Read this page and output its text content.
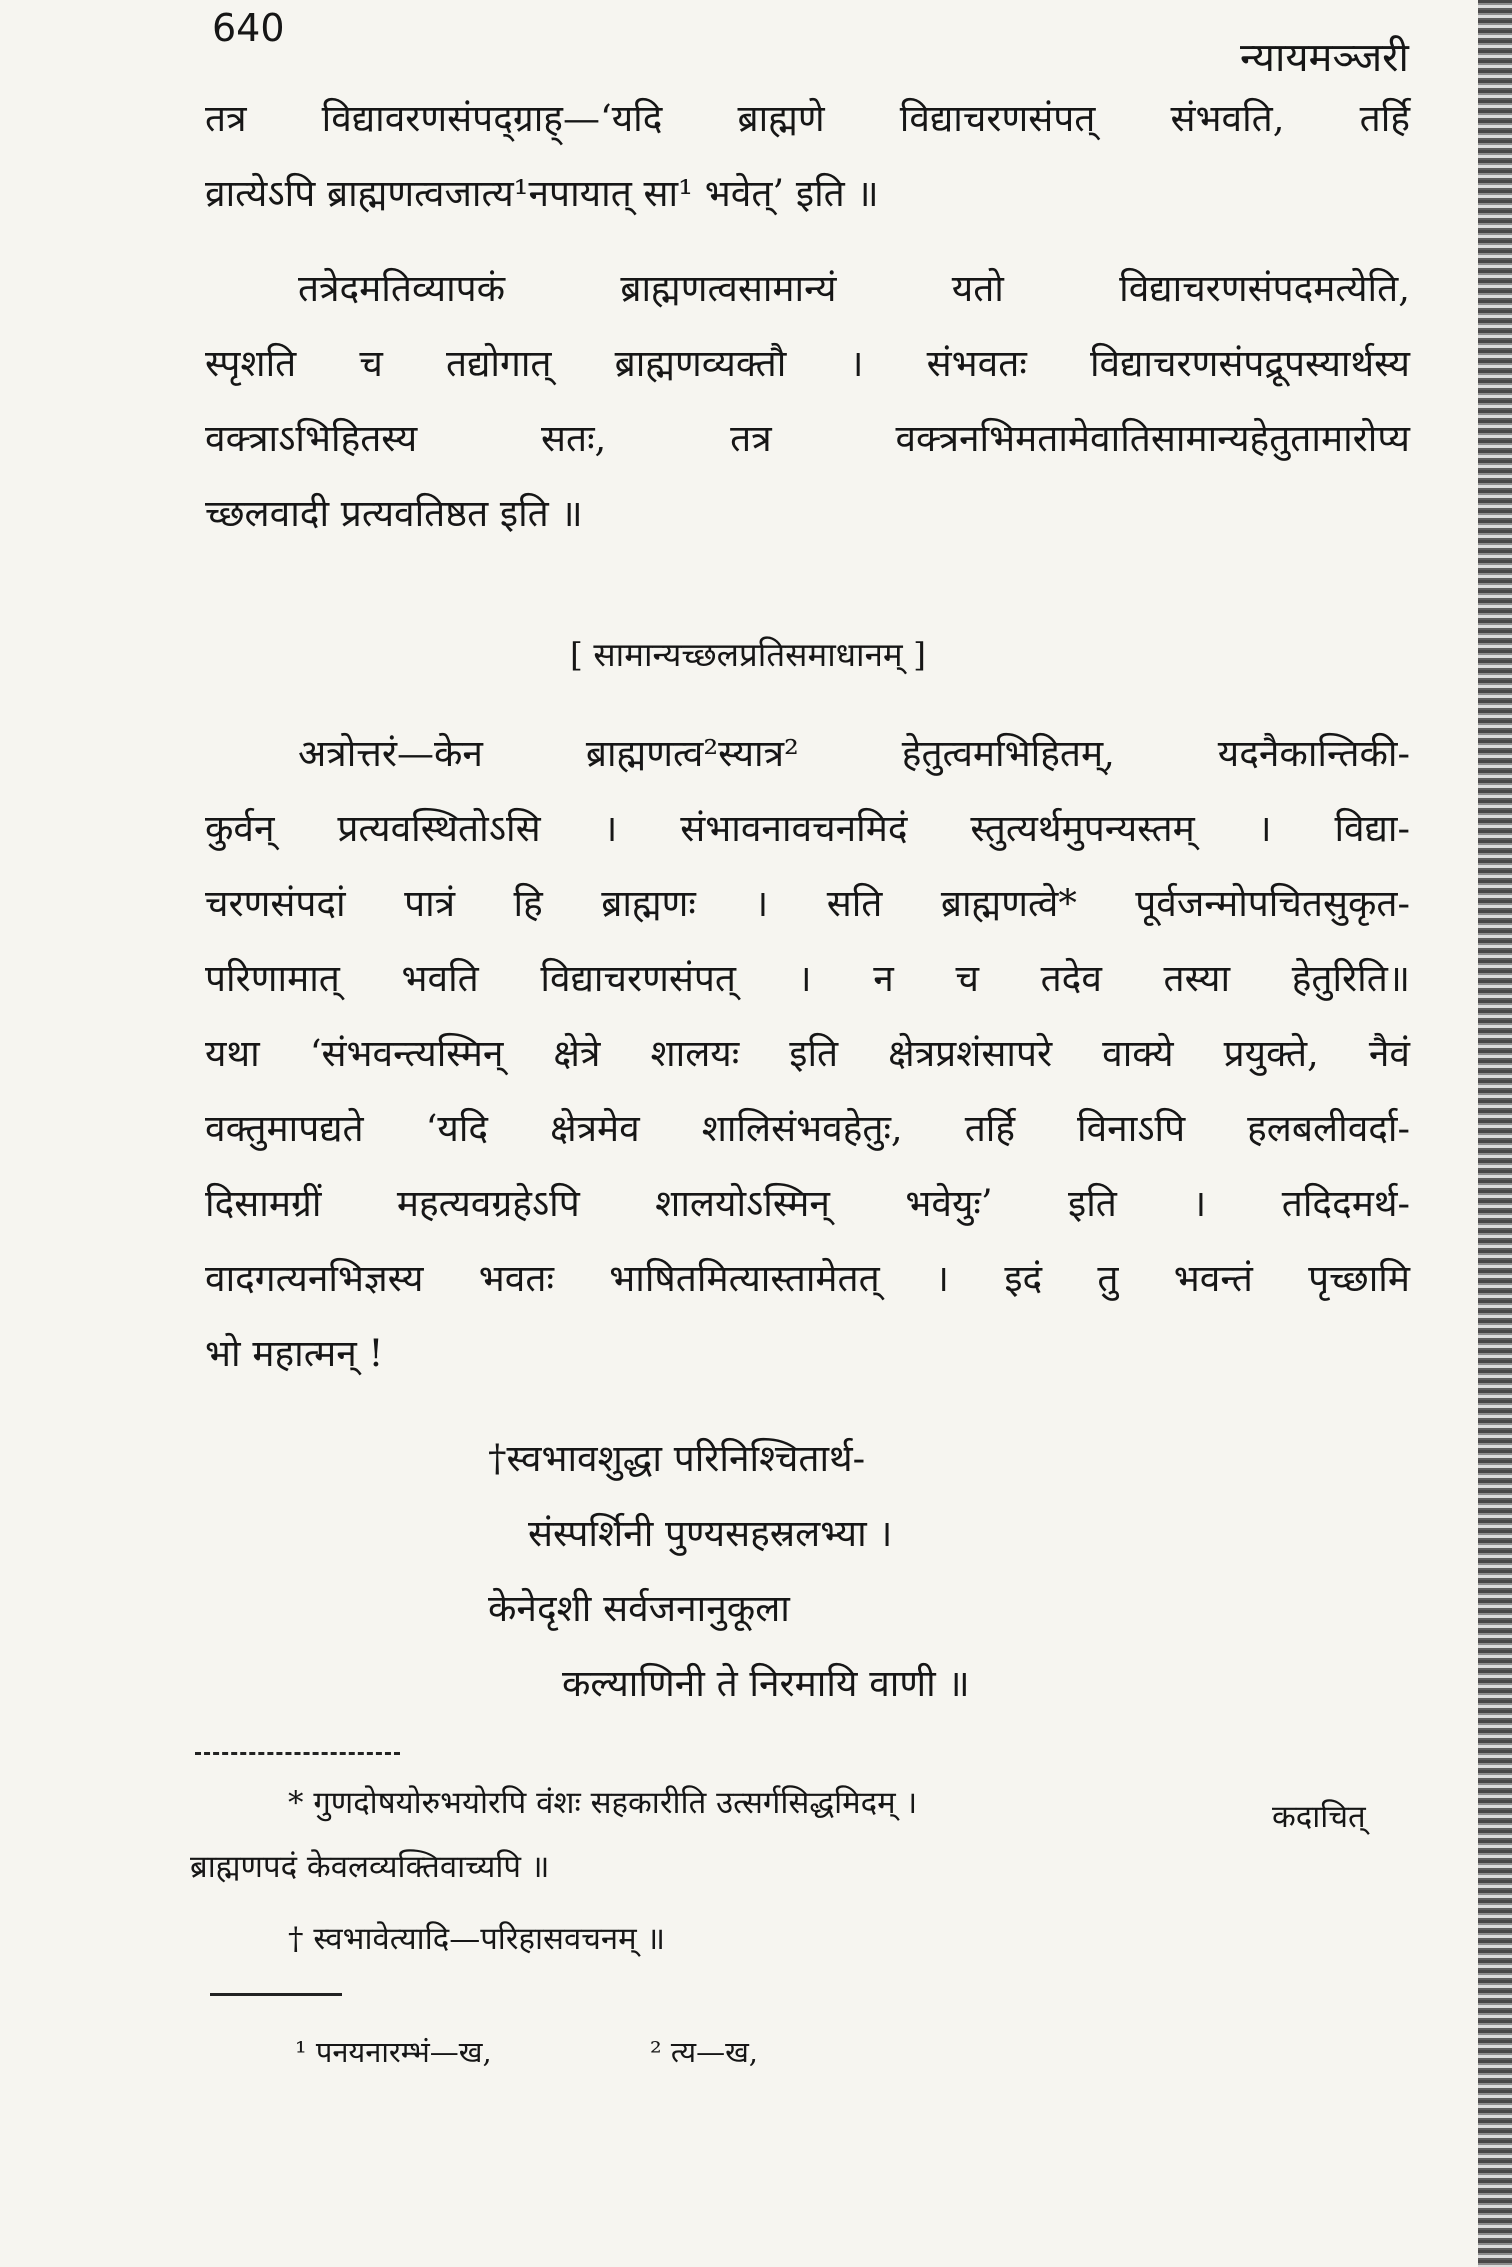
640
न्यायमञ्जरी
तत्र विद्यावरणसंपद्ग्राह्—‘यदि ब्राह्मणे विद्याचरणसंपत् संभवति, तर्हि
व्रात्येऽपि ब्राह्मणत्वजात्य¹नपायात् सा¹ भवेत्’ इति ॥
तत्रेदमतिव्यापकं ब्राह्मणत्वसामान्यं यतो विद्याचरणसंपदमत्येति,
स्पृशति च तद्योगात् ब्राह्मणव्यक्तौ । संभवतः विद्याचरणसंपद्रूपस्यार्थस्य
वक्त्राऽभिहितस्य सतः, तत्र वक्त्रनभिमतामेवातिसामान्यहेतुतामारोप्य
च्छलवादी प्रत्यवतिष्ठत इति ॥
[ सामान्यच्छलप्रतिसमाधानम् ]
अत्रोत्तरं—केन ब्राह्मणत्व²स्यात्र² हेतुत्वमभिहितम्, यदनैकान्तिकी-
कुर्वन् प्रत्यवस्थितोऽसि । संभावनावचनमिदं स्तुत्यर्थमुपन्यस्तम् । विद्या-
चरणसंपदां पात्रं हि ब्राह्मणः । सति ब्राह्मणत्वे* पूर्वजन्मोपचितसुकृत-
परिणामात् भवति विद्याचरणसंपत् । न च तदेव तस्या हेतुरिति॥
यथा ‘संभवन्त्यस्मिन् क्षेत्रे शालयः इति क्षेत्रप्रशंसापरे वाक्ये प्रयुक्ते, नैवं
वक्तुमापद्यते ‘यदि क्षेत्रमेव शालिसंभवहेतुः, तर्हि विनाऽपि हलबलीवर्दा-
दिसामग्रीं महत्यवग्रहेऽपि शालयोऽस्मिन् भवेयुः’ इति । तदिदमर्थ-
वादगत्यनभिज्ञस्य भवतः भाषितमित्यास्तामेतत् । इदं तु भवन्तं पृच्छामि
भो महात्मन् !
†स्वभावशुद्धा परिनिश्चितार्थ-
संस्पर्शिनी पुण्यसहस्रलभ्या ।
केनेदृशी सर्वजनानुकूला
कल्याणिनी ते निरमायि वाणी ॥
* गुणदोषयोरुभयोरपि वंशः सहकारीति उत्सर्गसिद्धमिदम् ।	कदाचित्
ब्राह्मणपदं केवलव्यक्तिवाच्यपि ॥
† स्वभावेत्यादि—परिहासवचनम् ॥
¹ पनयनारम्भं—ख,	² त्य—ख,
